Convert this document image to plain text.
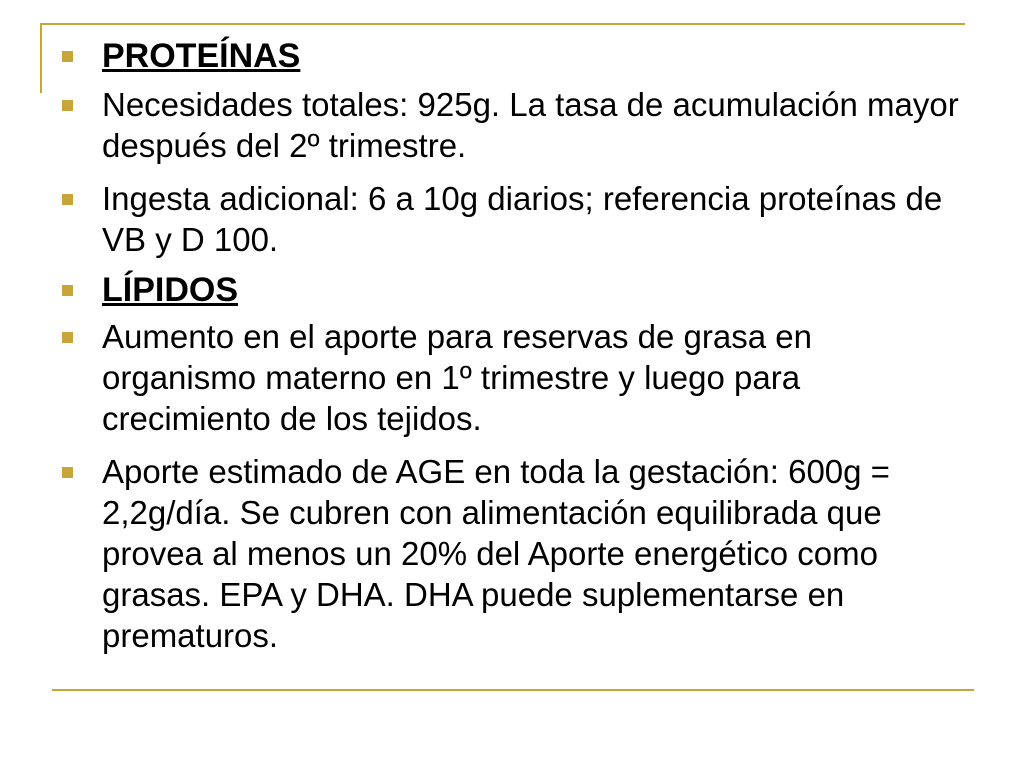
PROTEÍNAS
Necesidades totales: 925g. La tasa de acumulación mayor después del 2º trimestre.
Ingesta adicional: 6 a 10g diarios; referencia proteínas de VB y D 100.
LÍPIDOS
Aumento en el aporte para reservas de grasa en organismo materno en 1º trimestre y luego para crecimiento de los tejidos.
Aporte estimado de AGE en toda la gestación: 600g = 2,2g/día. Se cubren con alimentación equilibrada que provea al menos un 20% del Aporte energético como grasas. EPA y DHA. DHA puede suplementarse en prematuros.
